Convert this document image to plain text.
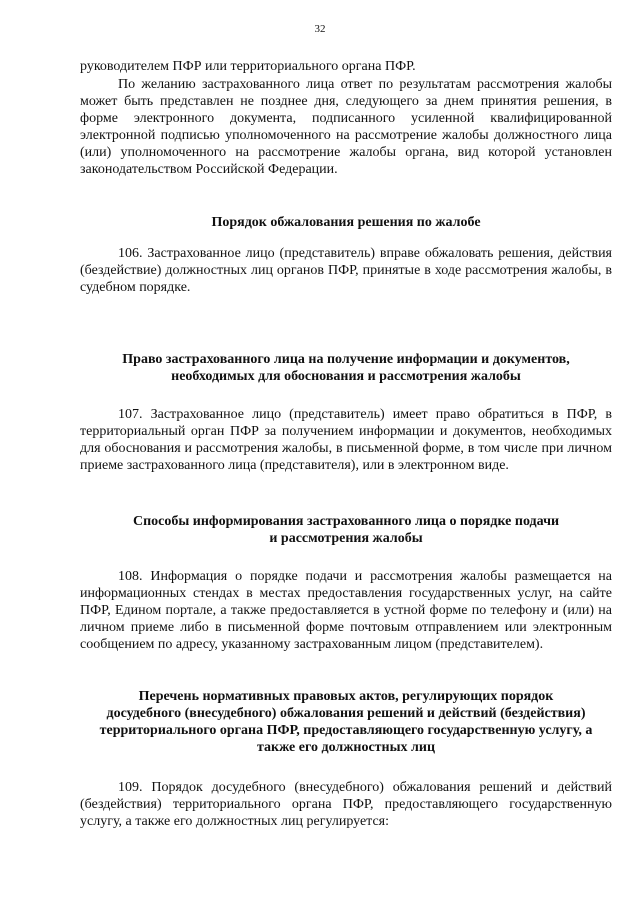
32

руководителем ПФР или территориального органа ПФР.

По желанию застрахованного лица ответ по результатам рассмотрения жалобы может быть представлен не позднее дня, следующего за днем принятия решения, в форме электронного документа, подписанного усиленной квалифицированной электронной подписью уполномоченного на рассмотрение жалобы должностного лица (или) уполномоченного на рассмотрение жалобы органа, вид которой установлен законодательством Российской Федерации.

Порядок обжалования решения по жалобе

106. Застрахованное лицо (представитель) вправе обжаловать решения, действия (бездействие) должностных лиц органов ПФР, принятые в ходе рассмотрения жалобы, в судебном порядке.

Право застрахованного лица на получение информации и документов,
необходимых для обоснования и рассмотрения жалобы

107. Застрахованное лицо (представитель) имеет право обратиться в ПФР, в территориальный орган ПФР за получением информации и документов, необходимых для обоснования и рассмотрения жалобы, в письменной форме, в том числе при личном приеме застрахованного лица (представителя), или в электронном виде.

Способы информирования застрахованного лица о порядке подачи
и рассмотрения жалобы

108. Информация о порядке подачи и рассмотрения жалобы размещается на информационных стендах в местах предоставления государственных услуг, на сайте ПФР, Едином портале, а также предоставляется в устной форме по телефону и (или) на личном приеме либо в письменной форме почтовым отправлением или электронным сообщением по адресу, указанному застрахованным лицом (представителем).

Перечень нормативных правовых актов, регулирующих порядок
досудебного (внесудебного) обжалования решений и действий (бездействия)
территориального органа ПФР, предоставляющего государственную услугу, а
также его должностных лиц

109. Порядок досудебного (внесудебного) обжалования решений и действий (бездействия) территориального органа ПФР, предоставляющего государственную услугу, а также его должностных лиц регулируется:
